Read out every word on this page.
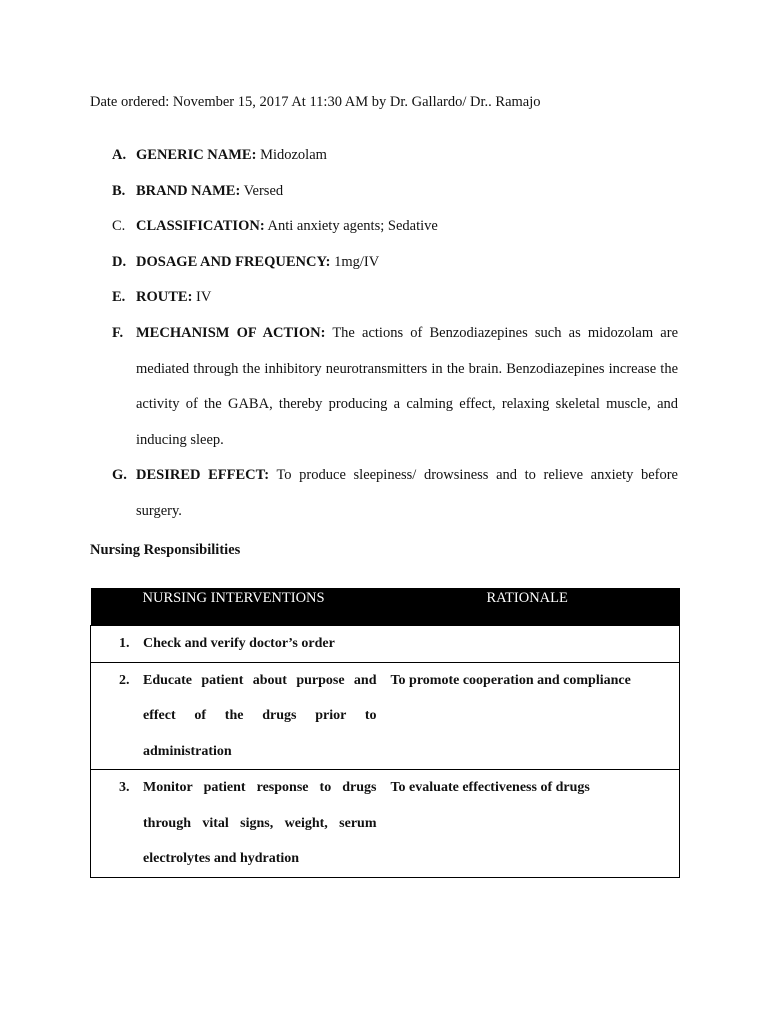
Date ordered: November 15, 2017 At 11:30 AM by Dr. Gallardo/ Dr.. Ramajo
A. GENERIC NAME: Midozolam
B. BRAND NAME: Versed
C. CLASSIFICATION: Anti anxiety agents; Sedative
D. DOSAGE AND FREQUENCY: 1mg/IV
E. ROUTE: IV
F. MECHANISM OF ACTION: The actions of Benzodiazepines such as midozolam are mediated through the inhibitory neurotransmitters in the brain. Benzodiazepines increase the activity of the GABA, thereby producing a calming effect, relaxing skeletal muscle, and inducing sleep.
G. DESIRED EFFECT: To produce sleepiness/ drowsiness and to relieve anxiety before surgery.
Nursing Responsibilities
NURSING INTERVENTIONS	RATIONALE

1. Check and verify doctor’s order	

2. Educate patient about purpose and effect of the drugs prior to administration	To promote cooperation and compliance

3. Monitor patient response to drugs through vital signs, weight, serum electrolytes and hydration	To evaluate effectiveness of drugs
